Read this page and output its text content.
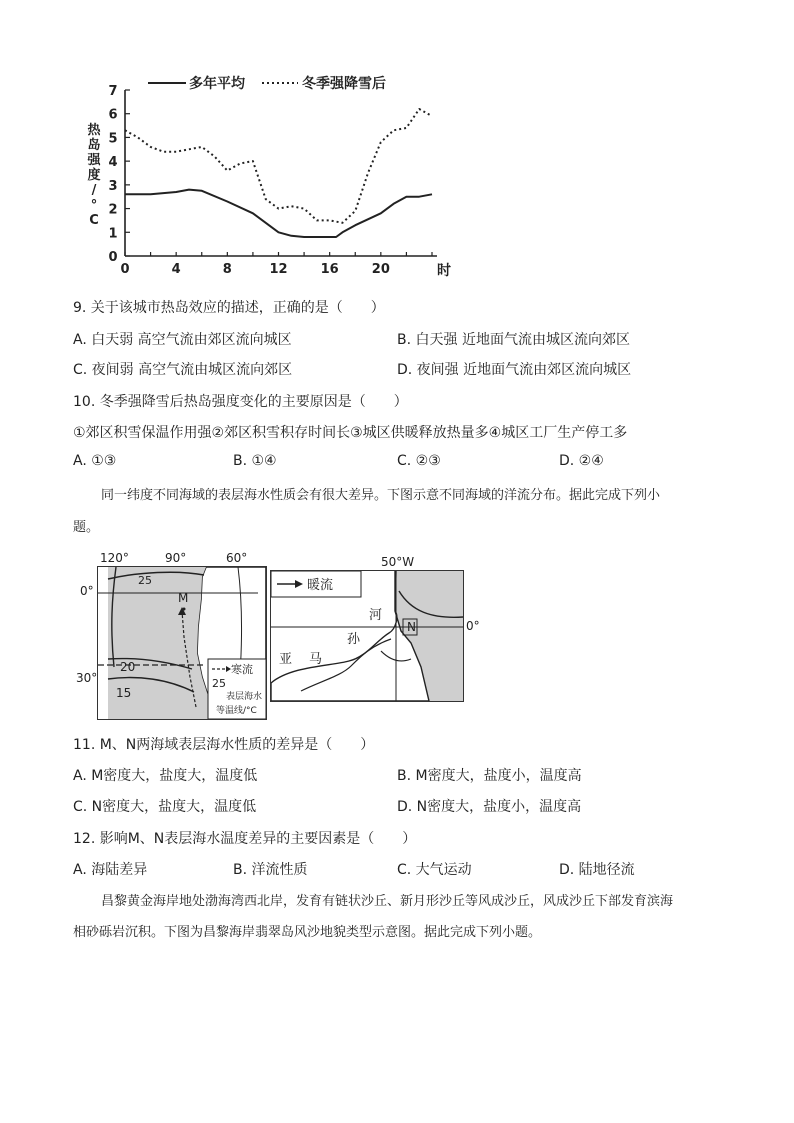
0
1
2
3
4
5
6
7
0	4	8	12	16	20
多年平均	冬季强降雪后
时
热
岛
强
度
/
°
C
9. 关于该城市热岛效应的描述，正确的是（　　）
A. 白天弱 高空气流由郊区流向城区	B. 白天强 近地面气流由城区流向郊区
C. 夜间弱 高空气流由城区流向郊区	D. 夜间强 近地面气流由郊区流向城区
10. 冬季强降雪后热岛强度变化的主要原因是（　　）
①郊区积雪保温作用强②郊区积雪积存时间长③城区供暖释放热量多④城区工厂生产停工多
A. ①③	B. ①④	C. ②③	D. ②④
同一纬度不同海域的表层海水性质会有很大差异。下图示意不同海域的洋流分布。据此完成下列小
题。
25
20
15
M
寒流
25
表层海水
等温线/°C
120°	90°	60°
0°
30°
暖流
N
河
孙
马
亚
50°W
0°
11. M、N两海域表层海水性质的差异是（　　）
A. M密度大，盐度大，温度低	B. M密度大，盐度小，温度高
C. N密度大，盐度大，温度低	D. N密度大，盐度小，温度高
12. 影响M、N表层海水温度差异的主要因素是（　　）
A. 海陆差异	B. 洋流性质	C. 大气运动	D. 陆地径流
昌黎黄金海岸地处渤海湾西北岸，发育有链状沙丘、新月形沙丘等风成沙丘，风成沙丘下部发育滨海
相砂砾岩沉积。下图为昌黎海岸翡翠岛风沙地貌类型示意图。据此完成下列小题。
